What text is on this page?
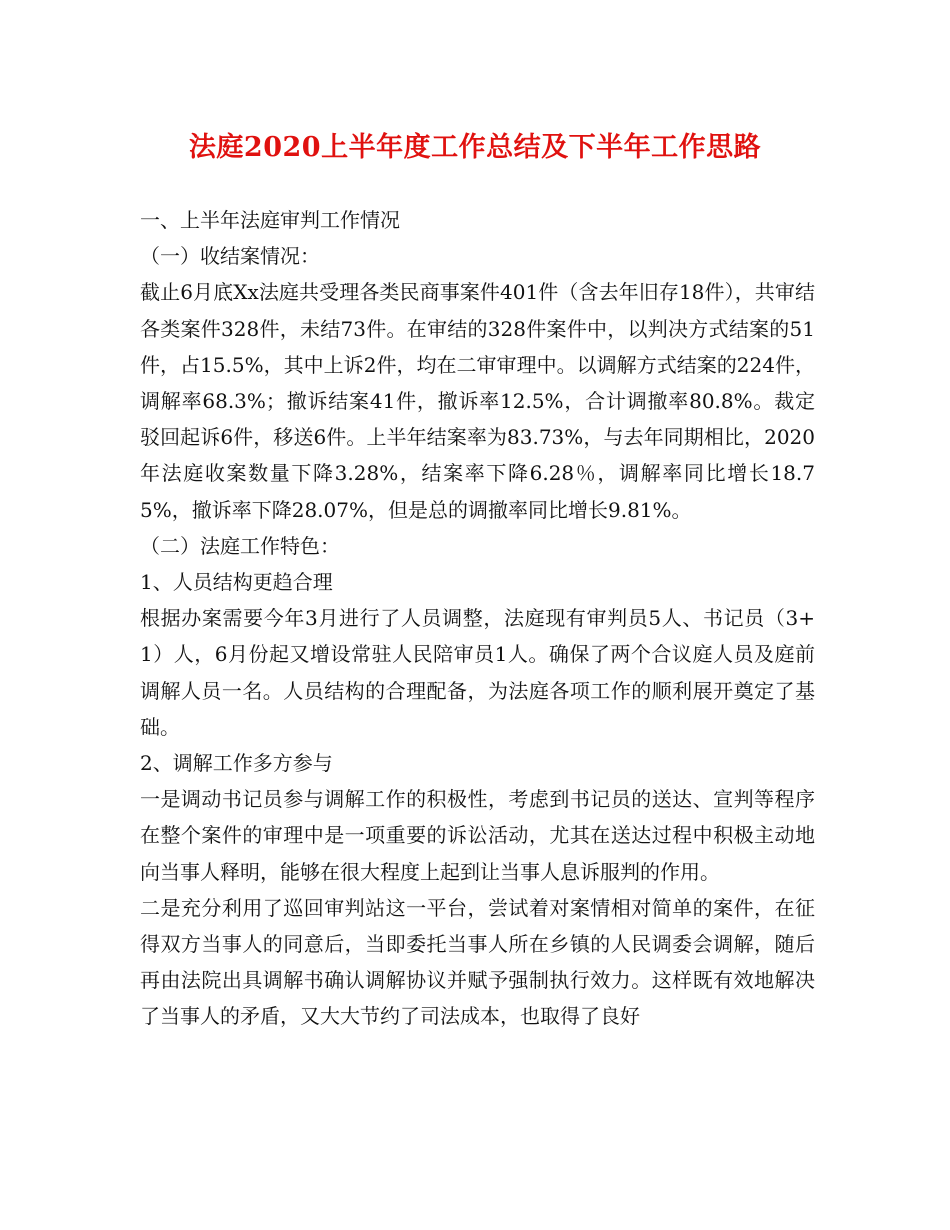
法庭2020上半年度工作总结及下半年工作思路
一、上半年法庭审判工作情况
（一）收结案情况：
截止6月底Xx法庭共受理各类民商事案件401件（含去年旧存18件），共审结各类案件328件，未结73件。在审结的328件案件中，以判决方式结案的51件，占15.5%，其中上诉2件，均在二审审理中。以调解方式结案的224件，调解率68.3%；撤诉结案41件，撤诉率12.5%，合计调撤率80.8%。裁定驳回起诉6件，移送6件。上半年结案率为83.73%，与去年同期相比，2020年法庭收案数量下降3.28%，结案率下降6.28％，调解率同比增长18.75%，撤诉率下降28.07%，但是总的调撤率同比增长9.81%。
（二）法庭工作特色：
1、人员结构更趋合理
根据办案需要今年3月进行了人员调整，法庭现有审判员5人、书记员（3+1）人，6月份起又增设常驻人民陪审员1人。确保了两个合议庭人员及庭前调解人员一名。人员结构的合理配备，为法庭各项工作的顺利展开奠定了基础。
2、调解工作多方参与
一是调动书记员参与调解工作的积极性，考虑到书记员的送达、宣判等程序在整个案件的审理中是一项重要的诉讼活动，尤其在送达过程中积极主动地向当事人释明，能够在很大程度上起到让当事人息诉服判的作用。
二是充分利用了巡回审判站这一平台，尝试着对案情相对简单的案件，在征得双方当事人的同意后，当即委托当事人所在乡镇的人民调委会调解，随后再由法院出具调解书确认调解协议并赋予强制执行效力。这样既有效地解决了当事人的矛盾，又大大节约了司法成本，也取得了良好
